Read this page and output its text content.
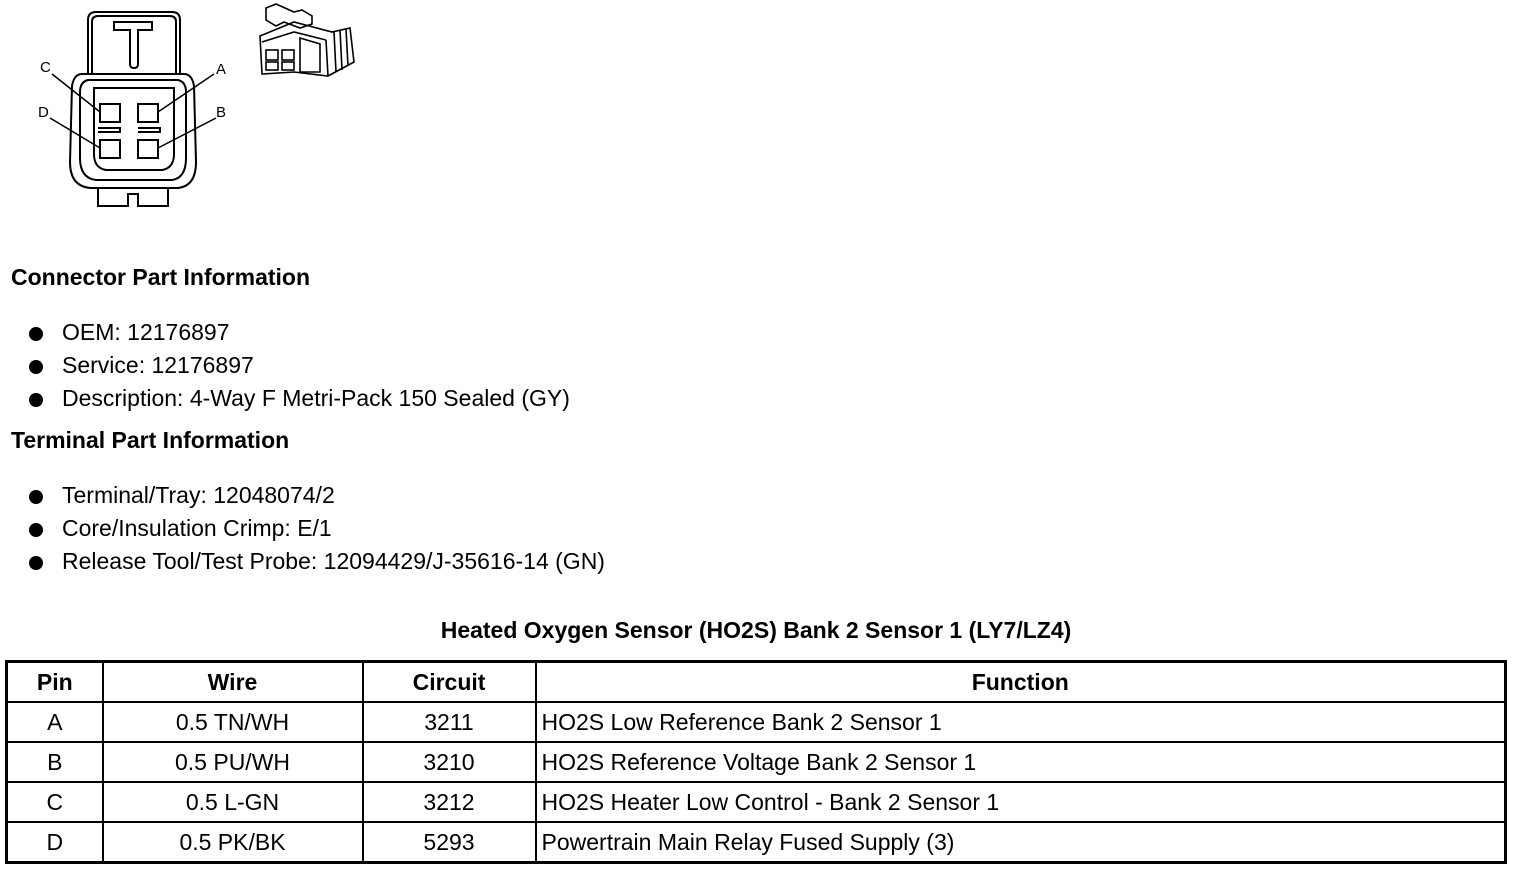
C	A
D	B
Connector Part Information
OEM: 12176897
Service: 12176897
Description: 4-Way F Metri-Pack 150 Sealed (GY)
Terminal Part Information
Terminal/Tray: 12048074/2
Core/Insulation Crimp: E/1
Release Tool/Test Probe: 12094429/J-35616-14 (GN)
Heated Oxygen Sensor (HO2S) Bank 2 Sensor 1 (LY7/LZ4)
Pin	Wire	Circuit	Function
A	0.5 TN/WH	3211	HO2S Low Reference Bank 2 Sensor 1
B	0.5 PU/WH	3210	HO2S Reference Voltage Bank 2 Sensor 1
C	0.5 L-GN	3212	HO2S Heater Low Control - Bank 2 Sensor 1
D	0.5 PK/BK	5293	Powertrain Main Relay Fused Supply (3)
